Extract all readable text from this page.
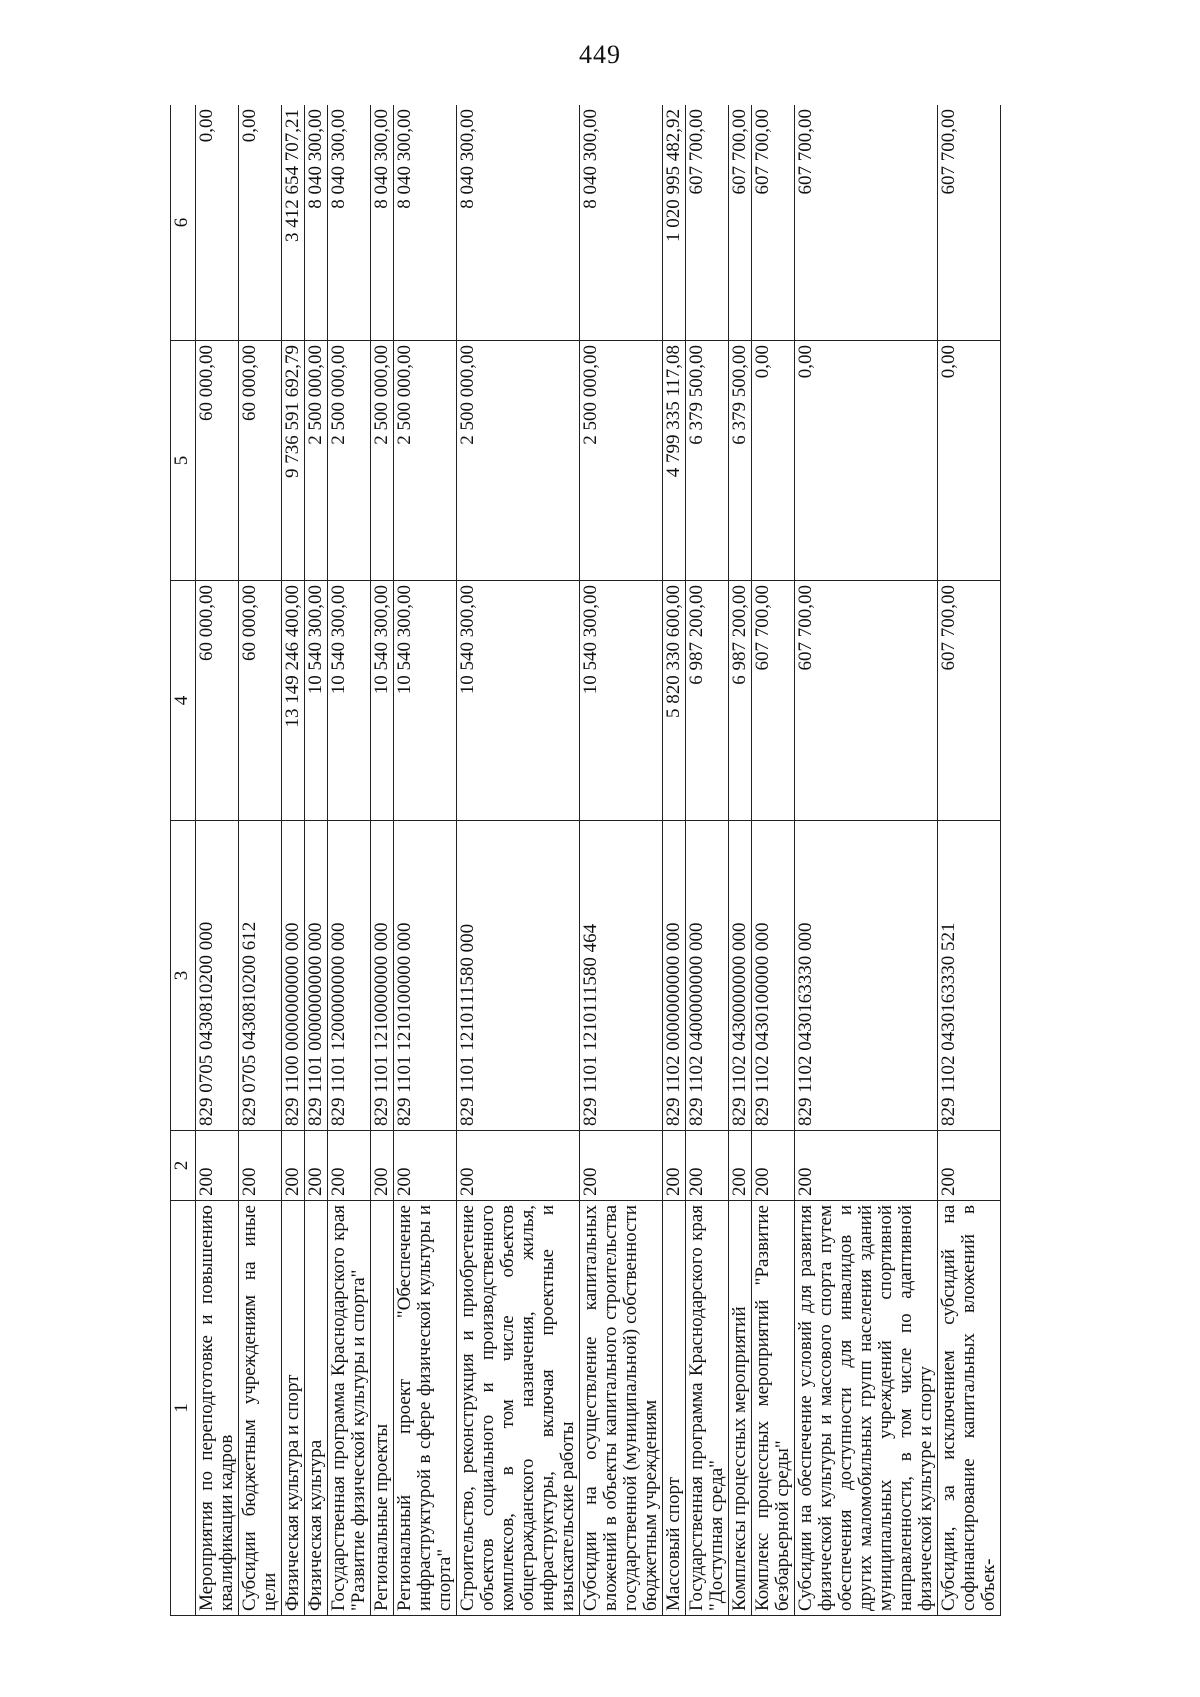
449
1	2	3	4	5	6
Мероприятия по переподготовке и повышению квалификации кадров	200	829 0705 0430810200 000	60 000,00	60 000,00	0,00
Субсидии бюджетным учреждениям на иные цели	200	829 0705 0430810200 612	60 000,00	60 000,00	0,00
Физическая культура и спорт	200	829 1100 0000000000 000	13 149 246 400,00	9 736 591 692,79	3 412 654 707,21
Физическая культура	200	829 1101 0000000000 000	10 540 300,00	2 500 000,00	8 040 300,00
Государственная программа Краснодарского края "Развитие физической культуры и спорта"	200	829 1101 1200000000 000	10 540 300,00	2 500 000,00	8 040 300,00
Региональные проекты	200	829 1101 1210000000 000	10 540 300,00	2 500 000,00	8 040 300,00
Региональный проект "Обеспечение инфраструктурой в сфере физической культуры и спорта"	200	829 1101 1210100000 000	10 540 300,00	2 500 000,00	8 040 300,00
Строительство, реконструкция и приобретение объектов социального и производственного комплексов, в том числе объектов общегражданского назначения, жилья, инфраструктуры, включая проектные и изыскательские работы	200	829 1101 1210111580 000	10 540 300,00	2 500 000,00	8 040 300,00
Субсидии на осуществление капитальных вложений в объекты капитального строительства государственной (муниципальной) собственности бюджетным учреждениям	200	829 1101 1210111580 464	10 540 300,00	2 500 000,00	8 040 300,00
Массовый спорт	200	829 1102 0000000000 000	5 820 330 600,00	4 799 335 117,08	1 020 995 482,92
Государственная программа Краснодарского края "Доступная среда"	200	829 1102 0400000000 000	6 987 200,00	6 379 500,00	607 700,00
Комплексы процессных мероприятий	200	829 1102 0430000000 000	6 987 200,00	6 379 500,00	607 700,00
Комплекс процессных мероприятий "Развитие безбарьерной среды"	200	829 1102 0430100000 000	607 700,00	0,00	607 700,00
Субсидии на обеспечение условий для развития физической культуры и массового спорта путем обеспечения доступности для инвалидов и других маломобильных групп населения зданий муниципальных учреждений спортивной направленности, в том числе по адаптивной физической культуре и спорту	200	829 1102 0430163330 000	607 700,00	0,00	607 700,00
Субсидии, за исключением субсидий на софинансирование капитальных вложений в объек-	200	829 1102 0430163330 521	607 700,00	0,00	607 700,00
